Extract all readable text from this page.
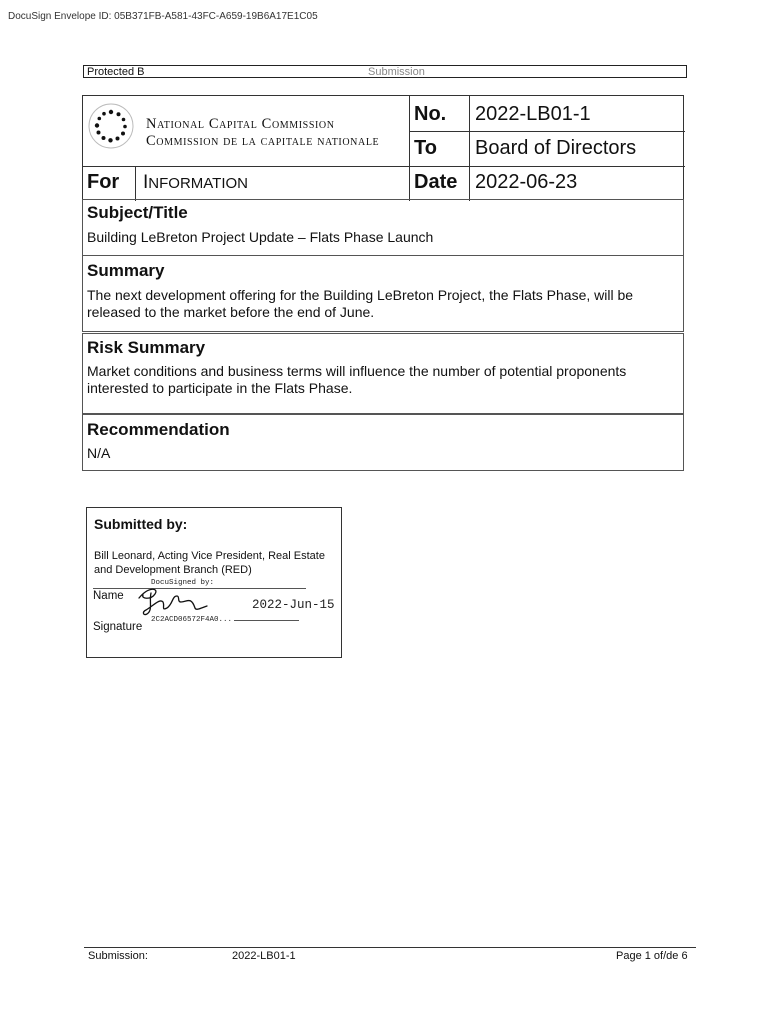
DocuSign Envelope ID: 05B371FB-A581-43FC-A659-19B6A17E1C05
Protected B	Submission
National Capital Commission
Commission de la capitale nationale
No. 2022-LB01-1
To Board of Directors
For INFORMATION	Date 2022-06-23
Subject/Title
Building LeBreton Project Update – Flats Phase Launch
Summary
The next development offering for the Building LeBreton Project, the Flats Phase, will be
released to the market before the end of June.
Risk Summary
Market conditions and business terms will influence the number of potential proponents
interested to participate in the Flats Phase.
Recommendation
N/A
Submitted by:
Bill Leonard, Acting Vice President, Real Estate
and Development Branch (RED)
DocuSigned by:
Name
2022-Jun-15
2C2ACD06572F4A0...
Signature
Submission:	2022-LB01-1	Page 1 of/de 6
